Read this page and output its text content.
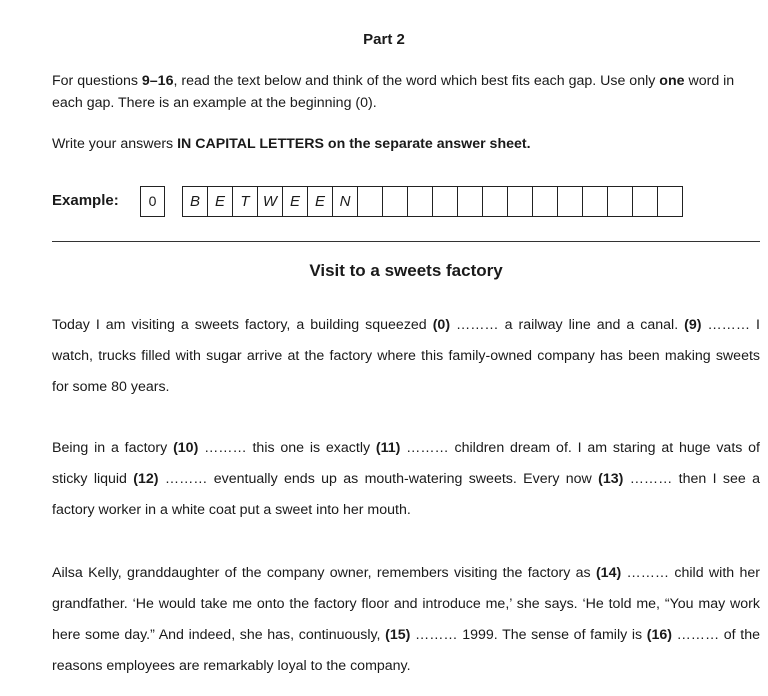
Part 2
For questions 9–16, read the text below and think of the word which best fits each gap. Use only one word in each gap. There is an example at the beginning (0).
Write your answers IN CAPITAL LETTERS on the separate answer sheet.
Example:	0	B E	T W E E N
Visit to a sweets factory
Today I am visiting a sweets factory, a building squeezed (0) ……… a railway line and a canal. (9) ……… I watch, trucks filled with sugar arrive at the factory where this family-owned company has been making sweets for some 80 years.
Being in a factory (10) ……… this one is exactly (11) ……… children dream of. I am staring at huge vats of sticky liquid (12) ……… eventually ends up as mouth-watering sweets. Every now (13) ……… then I see a factory worker in a white coat put a sweet into her mouth.
Ailsa Kelly, granddaughter of the company owner, remembers visiting the factory as (14) ……… child with her grandfather. ‘He would take me onto the factory floor and introduce me,’ she says. ‘He told me, “You may work here some day.” And indeed, she has, continuously, (15) ……… 1999. The sense of family is (16) ……… of the reasons employees are remarkably loyal to the company.
